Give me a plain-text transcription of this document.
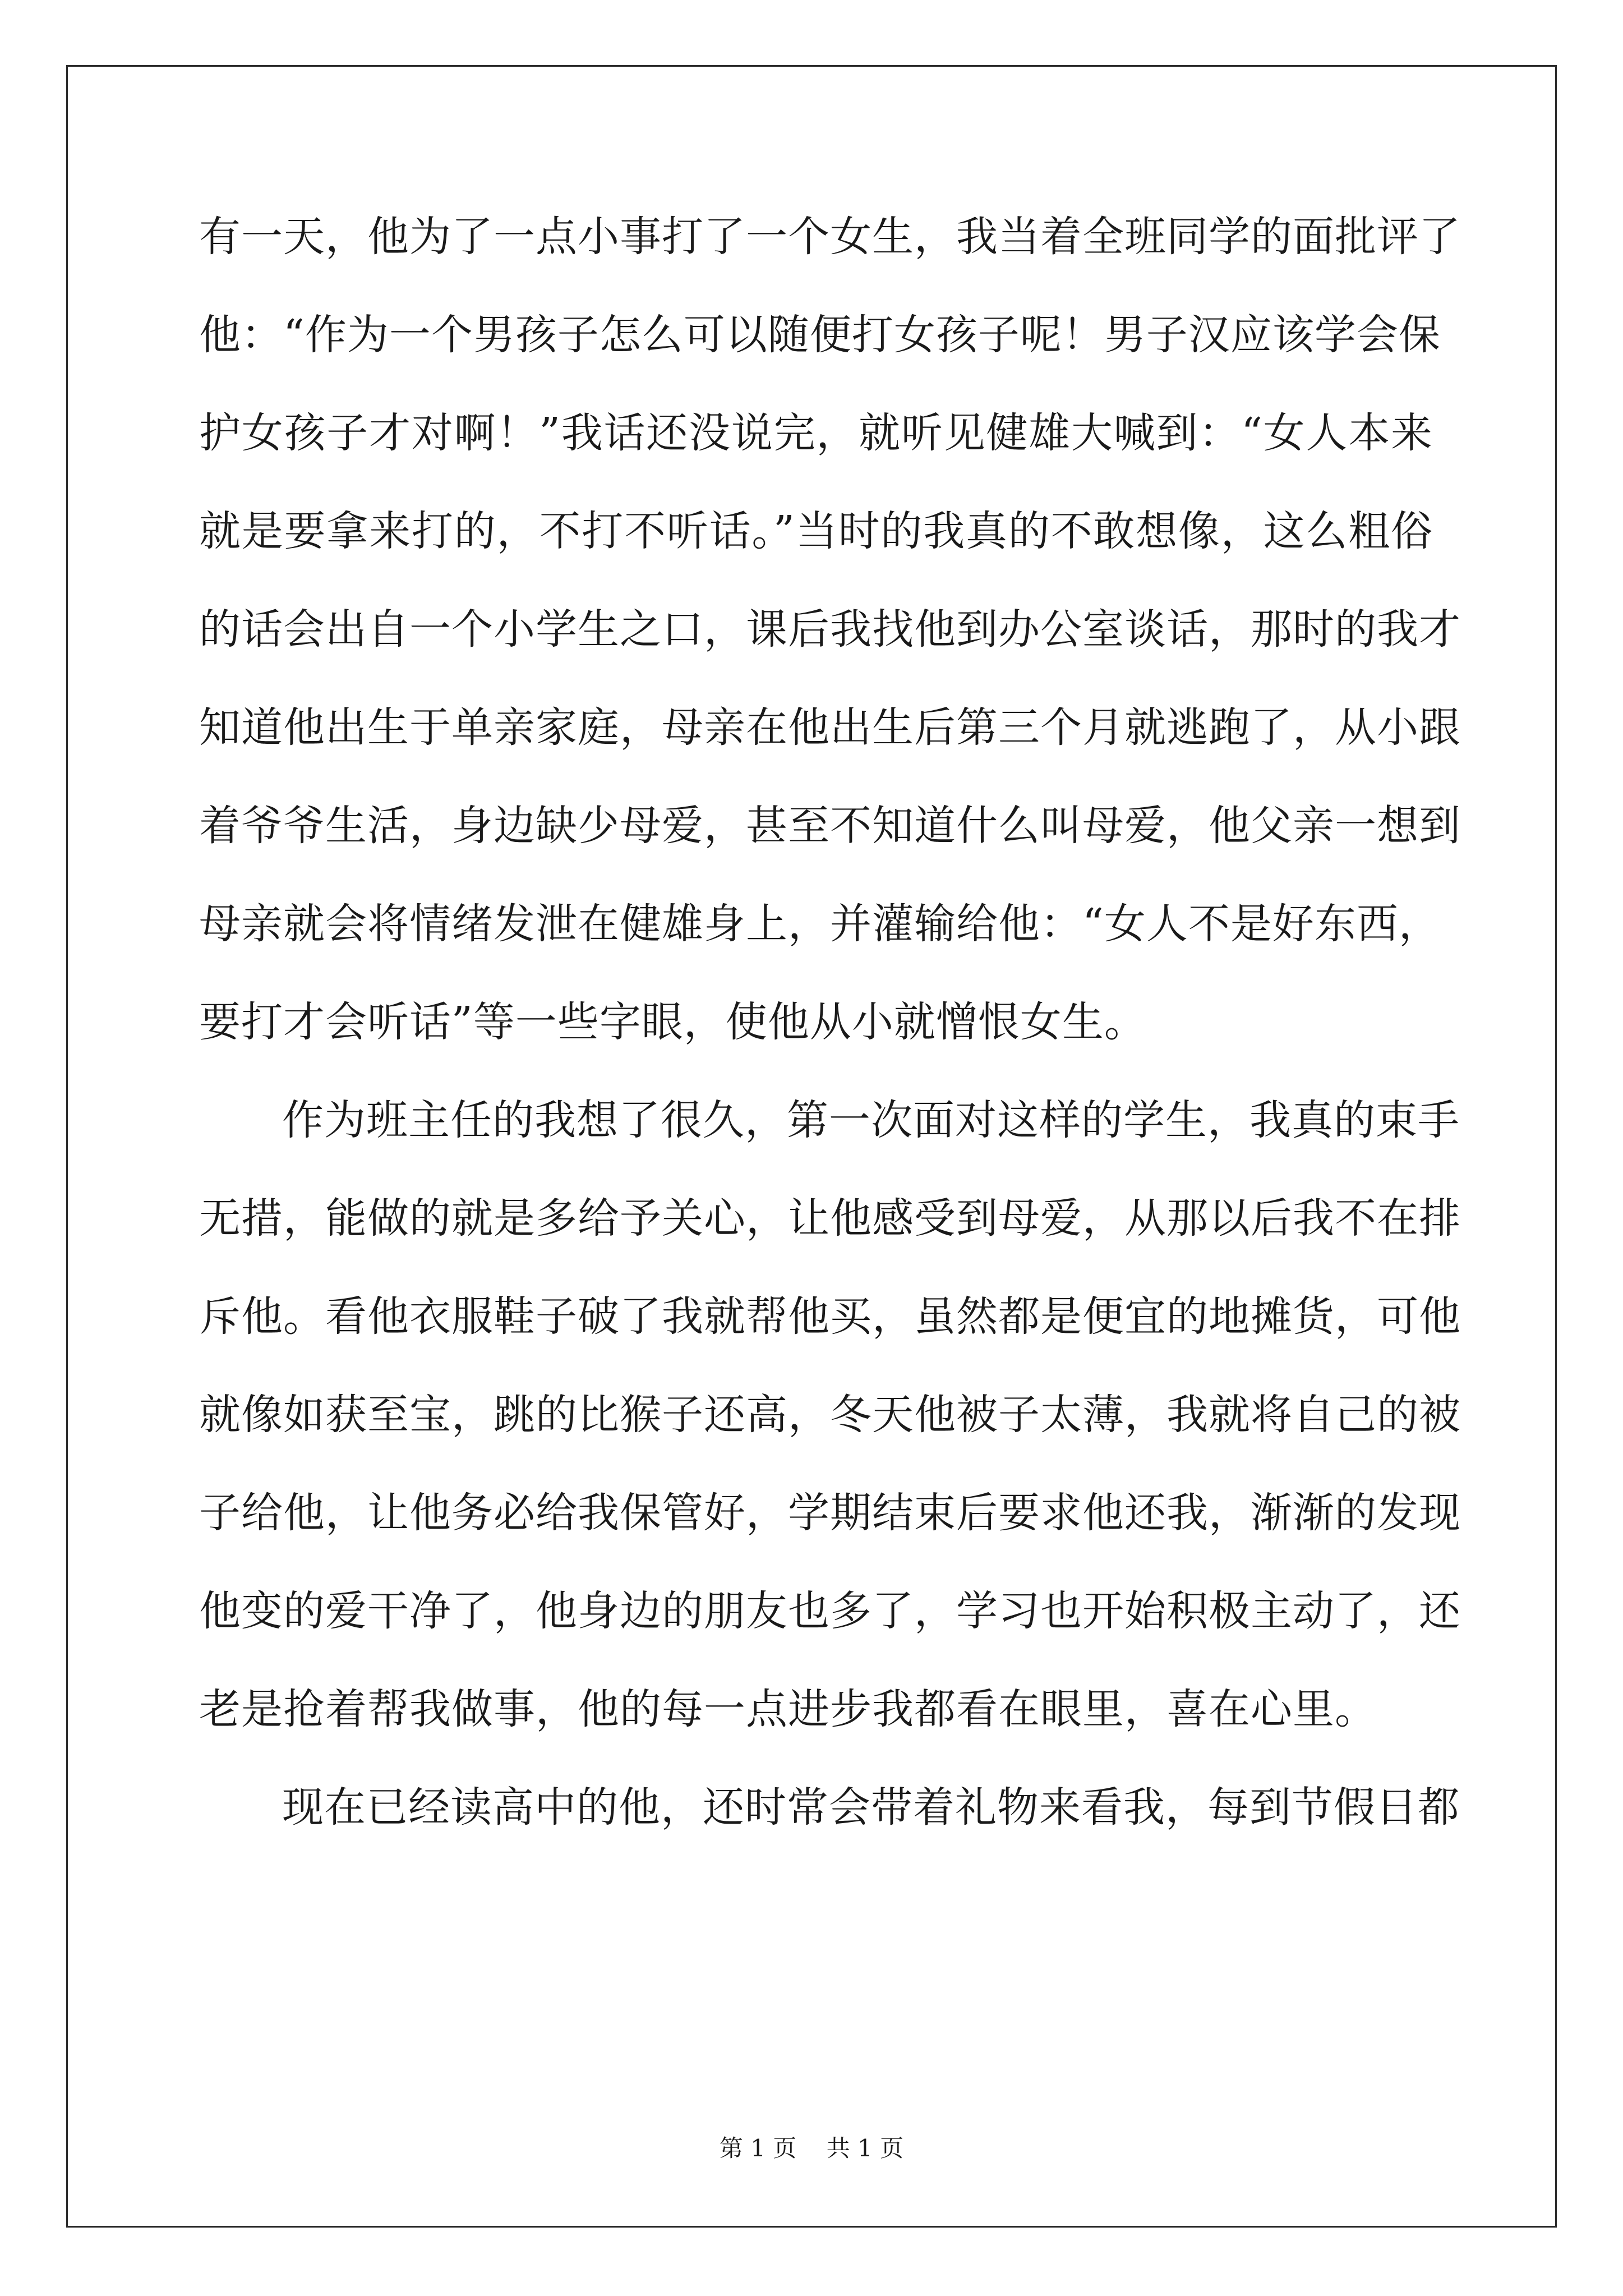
有一天，他为了一点小事打了一个女生，我当着全班同学的面批评了
他：“作为一个男孩子怎么可以随便打女孩子呢！男子汉应该学会保
护女孩子才对啊！”我话还没说完，就听见健雄大喊到：“女人本来
就是要拿来打的，不打不听话。”当时的我真的不敢想像，这么粗俗
的话会出自一个小学生之口，课后我找他到办公室谈话，那时的我才
知道他出生于单亲家庭，母亲在他出生后第三个月就逃跑了，从小跟
着爷爷生活，身边缺少母爱，甚至不知道什么叫母爱，他父亲一想到
母亲就会将情绪发泄在健雄身上，并灌输给他：“女人不是好东西，
要打才会听话”等一些字眼，使他从小就憎恨女生。
作为班主任的我想了很久，第一次面对这样的学生，我真的束手
无措，能做的就是多给予关心，让他感受到母爱，从那以后我不在排
斥他。看他衣服鞋子破了我就帮他买，虽然都是便宜的地摊货，可他
就像如获至宝，跳的比猴子还高，冬天他被子太薄，我就将自己的被
子给他，让他务必给我保管好，学期结束后要求他还我，渐渐的发现
他变的爱干净了，他身边的朋友也多了，学习也开始积极主动了，还
老是抢着帮我做事，他的每一点进步我都看在眼里，喜在心里。
现在已经读高中的他，还时常会带着礼物来看我，每到节假日都
第 1 页    共 1 页
